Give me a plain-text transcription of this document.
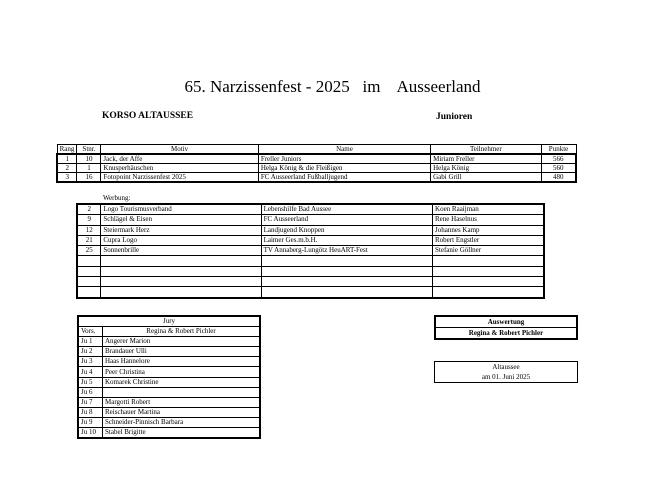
65. Narzissenfest - 2025   im    Ausseerland
KORSO ALTAUSSEE	Junioren
Rang	Stnr.	Motiv	Name	Teilnehmer	Punkte
1	10	Jack, der Affe	Freller Juniors	Miriam Freller	566
2	1	Knusperhäuschen	Helga König & die Fleißigen	Helga König	560
3	16	Fotopoint Narzissenfest 2025	FC Ausseerland Fußballjugend	Gabi Grill	480
Werbung:
2	Logo Tourismusverband	Lebenshilfe Bad Aussee	Koen Raaijman
9	Schlägel & Eisen	FC Ausseerland	Rene Haselnus
12	Steiermark Herz	Landjugend Knoppen	Johannes Kamp
21	Cupra Logo	Laimer Ges.m.b.H.	Robert Engstler
25	Sonnenbrille	TV Annaberg-Lungötz HeuART-Fest	Stefanie Göllner

Jury	
Vors.	Regina & Robert Pichler
Ju 1	Angerer Marion
Ju 2	Brandauer Ulli
Ju 3	Haas Hannelore
Ju 4	Peer Christina
Ju 5	Komarek Christine
Ju 6	
Ju 7	Margotti Robert
Ju 8	Reischauer Martina
Ju 9	Schneider-Pinnisch Barbara
Ju 10	Stabel Brigitte
Auswertung
Regina & Robert Pichler
Altaussee
am 01. Juni 2025
